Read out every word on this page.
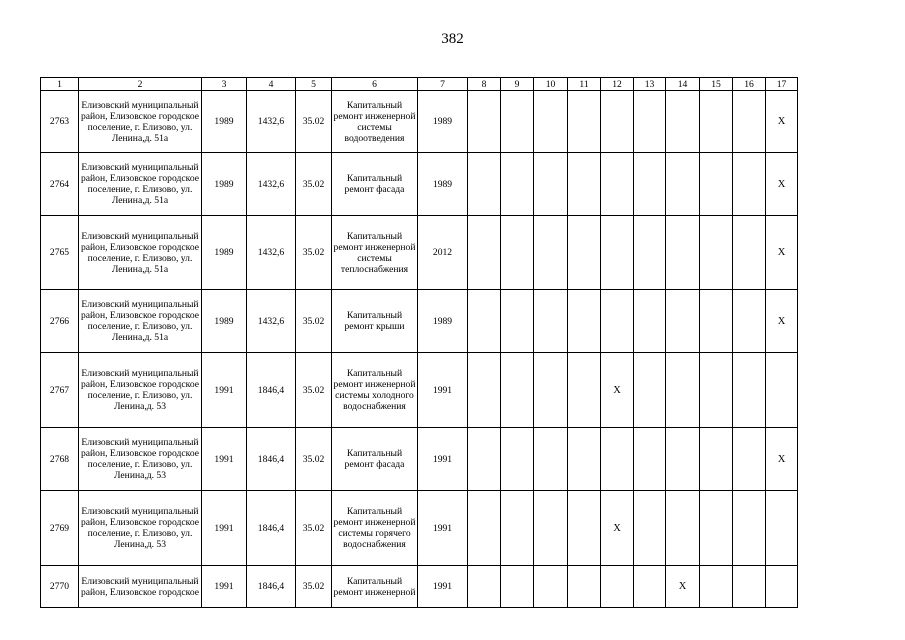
382
1	2	3	4	5	6	7	8	9	10	11	12	13	14	15	16	17
2763	Елизовский муниципальный район, Елизовское городское поселение, г. Елизово, ул. Ленина,д. 51а	1989	1432,6	35.02	Капитальный ремонт инженерной системы водоотведения	1989										X
2764	Елизовский муниципальный район, Елизовское городское поселение, г. Елизово, ул. Ленина,д. 51а	1989	1432,6	35.02	Капитальный ремонт фасада	1989										X
2765	Елизовский муниципальный район, Елизовское городское поселение, г. Елизово, ул. Ленина,д. 51а	1989	1432,6	35.02	Капитальный ремонт инженерной системы теплоснабжения	2012										X
2766	Елизовский муниципальный район, Елизовское городское поселение, г. Елизово, ул. Ленина,д. 51а	1989	1432,6	35.02	Капитальный ремонт крыши	1989										X
2767	Елизовский муниципальный район, Елизовское городское поселение, г. Елизово, ул. Ленина,д. 53	1991	1846,4	35.02	Капитальный ремонт инженерной системы холодного водоснабжения	1991					X					
2768	Елизовский муниципальный район, Елизовское городское поселение, г. Елизово, ул. Ленина,д. 53	1991	1846,4	35.02	Капитальный ремонт фасада	1991										X
2769	Елизовский муниципальный район, Елизовское городское поселение, г. Елизово, ул. Ленина,д. 53	1991	1846,4	35.02	Капитальный ремонт инженерной системы горячего водоснабжения	1991					X					
2770	Елизовский муниципальный район, Елизовское городское	1991	1846,4	35.02	Капитальный ремонт инженерной	1991							X			
